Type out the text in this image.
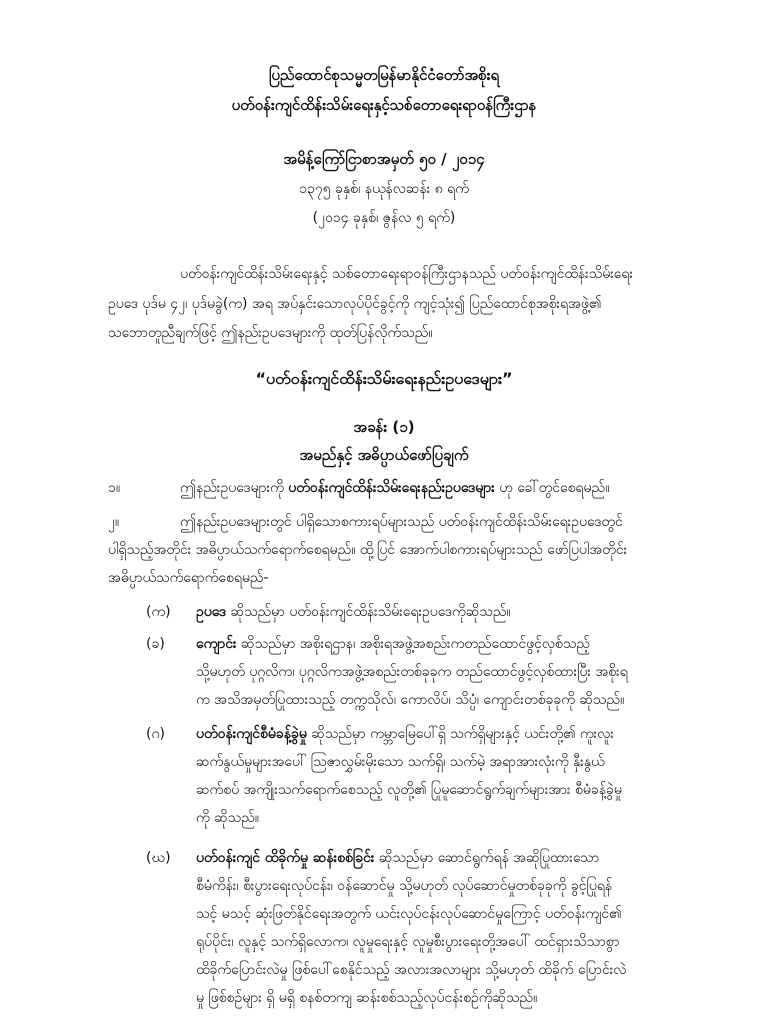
ပြည်ထောင်စုသမ္မတမြန်မာနိုင်ငံတော်အစိုးရ
ပတ်ဝန်းကျင်ထိန်းသိမ်းရေးနှင့်သစ်တောရေးရာဝန်ကြီးဌာန
အမိန့်ကြော်ငြာစာအမှတ် ၅၀ / ၂၀၁၄
၁၃၇၅ ခုနှစ်၊ နယုန်လဆန်း ၈ ရက်
(၂၀၁၄ ခုနှစ်၊ ဇွန်လ ၅ ရက်)
ပတ်ဝန်းကျင်ထိန်းသိမ်းရေးနှင့် သစ်တောရေးရာဝန်ကြီးဌာနသည် ပတ်ဝန်းကျင်ထိန်းသိမ်းရေး
ဥပဒေ ပုဒ်မ ၄၂၊ ပုဒ်မခွဲ(က) အရ အပ်နှင်းသောလုပ်ပိုင်ခွင့်ကို ကျင့်သုံး၍ ပြည်ထောင်စုအစိုးရအဖွဲ့၏
သဘောတူညီချက်ဖြင့် ဤနည်းဥပဒေများကို ထုတ်ပြန်လိုက်သည်။
“ပတ်ဝန်းကျင်ထိန်းသိမ်းရေးနည်းဥပဒေများ”
အခန်း (၁)
အမည်နှင့် အဓိပ္ပာယ်ဖော်ပြချက်
၁။	ဤနည်းဥပဒေများကို ပတ်ဝန်းကျင်ထိန်းသိမ်းရေးနည်းဥပဒေများ ဟု ခေါ်တွင်စေရမည်။
၂။	ဤနည်းဥပဒေများတွင် ပါရှိသောစကားရပ်များသည် ပတ်ဝန်းကျင်ထိန်းသိမ်းရေးဥပဒေတွင်
ပါရှိသည့်အတိုင်း အဓိပ္ပာယ်သက်ရောက်စေရမည်။ ထို့ပြင် အောက်ပါစကားရပ်များသည် ဖော်ပြပါအတိုင်း
အဓိပ္ပာယ်သက်ရောက်စေရမည်-
(က) ဥပဒေ ဆိုသည်မှာ ပတ်ဝန်းကျင်ထိန်းသိမ်းရေးဥပဒေကိုဆိုသည်။
(ခ) ကျောင်း ဆိုသည်မှာ အစိုးရဌာန၊ အစိုးရအဖွဲ့အစည်းကတည်ထောင်ဖွင့်လှစ်သည့်
သို့မဟုတ် ပုဂ္ဂလိက၊ ပုဂ္ဂလိကအဖွဲ့အစည်းတစ်ခုခုက တည်ထောင်ဖွင့်လှစ်ထားပြီး အစိုးရ
က အသိအမှတ်ပြုထားသည့် တက္ကသိုလ်၊ ကောလိပ်၊ သိပ္ပံ၊ ကျောင်းတစ်ခုခုကို ဆိုသည်။
(ဂ) ပတ်ဝန်းကျင်စီမံခန့်ခွဲမှု ဆိုသည်မှာ ကမ္ဘာမြေပေါ်ရှိ သက်ရှိများနှင့် ယင်းတို့၏ ကူးလူး
ဆက်နွယ်မှုများအပေါ် ဩဇာလွှမ်းမိုးသော သက်ရှိ၊ သက်မဲ့ အရာအားလုံးကို နှီးနွယ်
ဆက်စပ် အကျိုးသက်ရောက်စေသည့် လူတို့၏ ပြုမူဆောင်ရွက်ချက်များအား စီမံခန့်ခွဲမှု
ကို ဆိုသည်။
(ဃ) ပတ်ဝန်းကျင် ထိခိုက်မှု ဆန်းစစ်ခြင်း ဆိုသည်မှာ ဆောင်ရွက်ရန် အဆိုပြုထားသော
စီမံကိန်း၊ စီးပွားရေးလုပ်ငန်း၊ ဝန်ဆောင်မှု သို့မဟုတ် လုပ်ဆောင်မှုတစ်ခုခုကို ခွင့်ပြုရန်
သင့် မသင့် ဆုံးဖြတ်နိုင်ရေးအတွက် ယင်းလုပ်ငန်းလုပ်ဆောင်မှုကြောင့် ပတ်ဝန်းကျင်၏
ရုပ်ပိုင်း၊ လူနှင့် သက်ရှိလောက၊ လူမှုရေးနှင့် လူမှုစီးပွားရေးတို့အပေါ် ထင်ရှားသိသာစွာ
ထိခိုက်ပြောင်းလဲမှု ဖြစ်ပေါ်စေနိုင်သည့် အလားအလာများ သို့မဟုတ် ထိခိုက် ပြောင်းလဲ
မှု ဖြစ်စဉ်များ ရှိ မရှိ စနစ်တကျ ဆန်းစစ်သည့်လုပ်ငန်းစဉ်ကိုဆိုသည်။
